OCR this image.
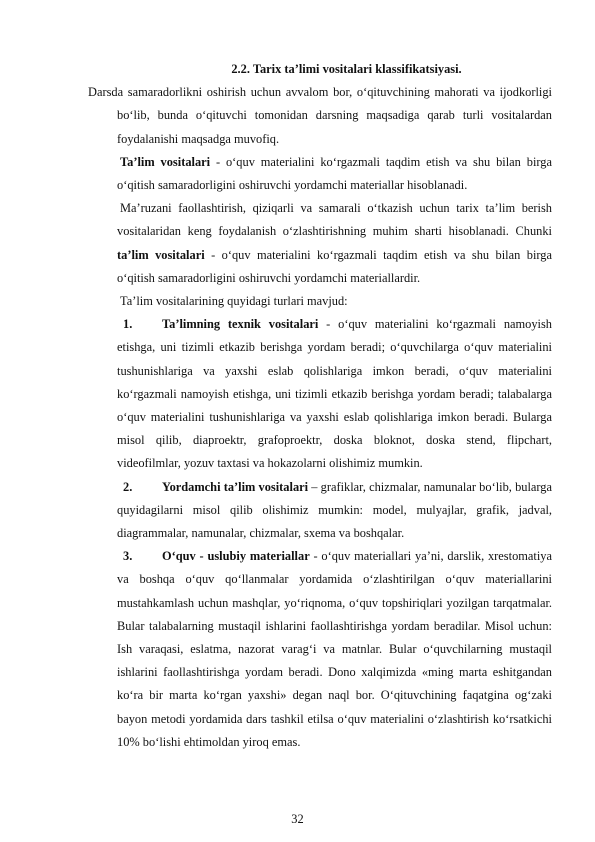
2.2. Tarix ta’limi vositalari klassifikatsiyasi.

Darsda samaradorlikni oshirish uchun avvalom bor, o‘qituvchining mahorati va ijodkorligi bo‘lib, bunda o‘qituvchi tomonidan darsning maqsadiga qarab turli vositalardan foydalanishi maqsadga muvofiq.

Ta’lim vositalari - o‘quv materialini ko‘rgazmali taqdim etish va shu bilan birga o‘qitish samaradorligini oshiruvchi yordamchi materiallar hisoblanadi.

Ma’ruzani faollashtirish, qiziqarli va samarali o‘tkazish uchun tarix ta’lim berish vositalaridan keng foydalanish o‘zlashtirishning muhim sharti hisoblanadi. Chunki ta’lim vositalari - o‘quv materialini ko‘rgazmali taqdim etish va shu bilan birga o‘qitish samaradorligini oshiruvchi yordamchi materiallardir.

Ta’lim vositalarining quyidagi turlari mavjud:

1. Ta’limning texnik vositalari - o‘quv materialini ko‘rgazmali namoyish etishga, uni tizimli etkazib berishga yordam beradi; o‘quvchilarga o‘quv materialini tushunishlariga va yaxshi eslab qolishlariga imkon beradi, o‘quv materialini ko‘rgazmali namoyish etishga, uni tizimli etkazib berishga yordam beradi; talabalarga o‘quv materialini tushunishlariga va yaxshi eslab qolishlariga imkon beradi. Bularga misol qilib, diaproektr, grafoproektr, doska bloknot, doska stend, flipchart, videofilmlar, yozuv taxtasi va hokazolarni olishimiz mumkin.

2. Yordamchi ta’lim vositalari – grafiklar, chizmalar, namunalar bo‘lib, bularga quyidagilarni misol qilib olishimiz mumkin: model, mulyajlar, grafik, jadval, diagrammalar, namunalar, chizmalar, sxema va boshqalar.

3. O‘quv - uslubiy materiallar - o‘quv materiallari ya’ni, darslik, xrestomatiya va boshqa o‘quv qo‘llanmalar yordamida o‘zlashtirilgan o‘quv materiallarini mustahkamlash uchun mashqlar, yo‘riqnoma, o‘quv topshiriqlari yozilgan tarqatmalar. Bular talabalarning mustaqil ishlarini faollashtirishga yordam beradilar. Misol uchun: Ish varaqasi, eslatma, nazorat varag‘i va matnlar. Bular o‘quvchilarning mustaqil ishlarini faollashtirishga yordam beradi. Dono xalqimizda «ming marta eshitgandan ko‘ra bir marta ko‘rgan yaxshi» degan naql bor. O‘qituvchining faqatgina og‘zaki bayon metodi yordamida dars tashkil etilsa o‘quv materialini o‘zlashtirish ko‘rsatkichi 10% bo‘lishi ehtimoldan yiroq emas.

32
